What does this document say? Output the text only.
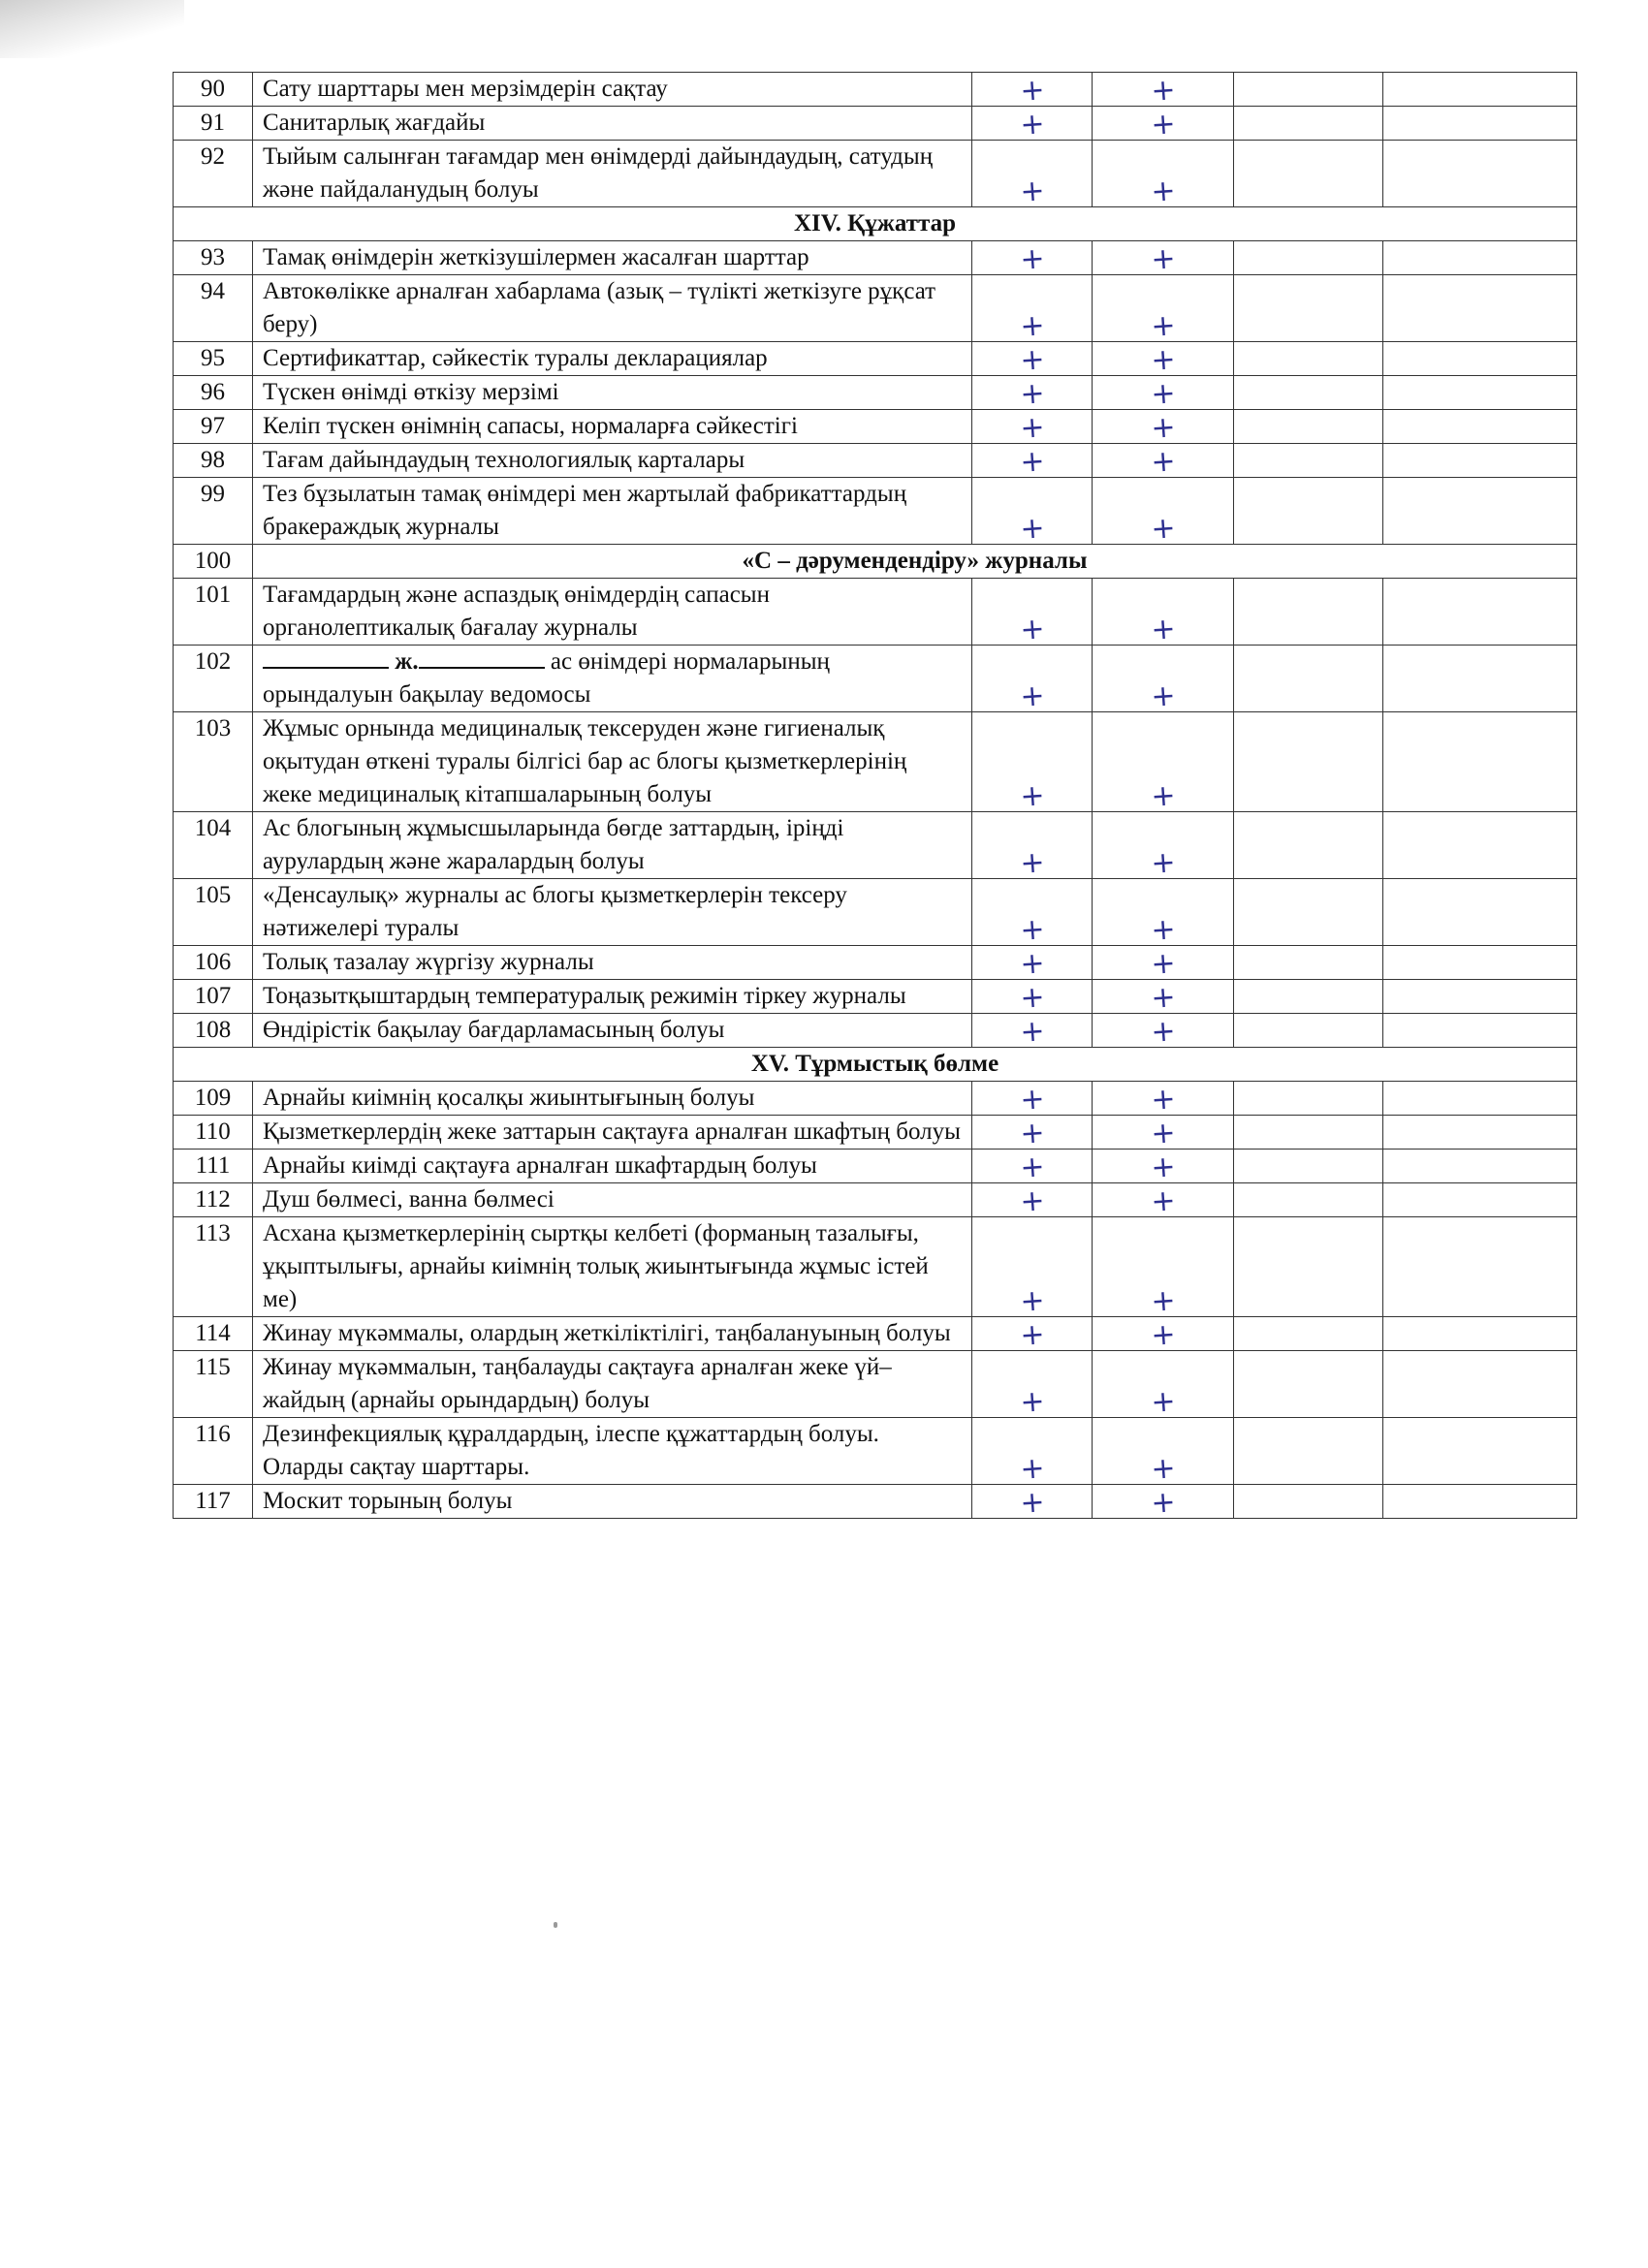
90	Сату шарттары мен мерзімдерін сақтау	+	+		

91	Санитарлық жағдайы	+	+		

92	Тыйым салынған тағамдар мен өнімдерді дайындаудың, сатудың және пайдаланудың болуы	+	+		

XIV. Құжаттар					
93	Тамақ өнімдерін жеткізушілермен жасалған шарттар	+	+		

94	Автокөлікке арналған хабарлама (азық – түлікті жеткізуге рұқсат беру)	+	+		

95	Сертификаттар, сәйкестік туралы декларациялар	+	+		

96	Түскен өнімді өткізу мерзімі	+	+		

97	Келіп түскен өнімнің сапасы, нормаларға сәйкестігі	+	+		

98	Тағам дайындаудың технологиялық карталары	+	+		

99	Тез бұзылатын тамақ өнімдері мен жартылай фабрикаттардың бракераждық журналы	+	+		

100	«С – дәрумендендіру» журналы				
101	Тағамдардың және аспаздық өнімдердің сапасын органолептикалық бағалау журналы	+	+		

102	ж. ас өнімдері нормаларының орындалуын бақылау ведомосы	+	+		

103	Жұмыс орнында медициналық тексеруден және гигиеналық оқытудан өткені туралы білгісі бар ас блогы қызметкерлерінің жеке медициналық кітапшаларының болуы	+	+		

104	Ас блогының жұмысшыларында бөгде заттардың, іріңді аурулардың және жаралардың болуы	+	+		

105	«Денсаулық» журналы ас блогы қызметкерлерін тексеру нәтижелері туралы	+	+		

106	Толық тазалау жүргізу журналы	+	+		

107	Тоңазытқыштардың температуралық режимін тіркеу журналы	+	+		

108	Өндірістік бақылау бағдарламасының болуы	+	+		

XV. Тұрмыстық бөлме					
109	Арнайы киімнің қосалқы жиынтығының болуы	+	+		

110	Қызметкерлердің жеке заттарын сақтауға арналған шкафтың болуы	+	+		

111	Арнайы киімді сақтауға арналған шкафтардың болуы	+	+		

112	Душ бөлмесі, ванна бөлмесі	+	+		

113	Асхана қызметкерлерінің сыртқы келбеті (форманың тазалығы, ұқыптылығы, арнайы киімнің толық жиынтығында жұмыс істей ме)	+	+		

114	Жинау мүкәммалы, олардың жеткіліктілігі, таңбалануының болуы	+	+		

115	Жинау мүкәммалын, таңбалауды сақтауға арналған жеке үй–жайдың (арнайы орындардың) болуы	+	+		

116	Дезинфекциялық құралдардың, ілеспе құжаттардың болуы. Оларды сақтау шарттары.	+	+		

117	Москит торының болуы	+	+		
